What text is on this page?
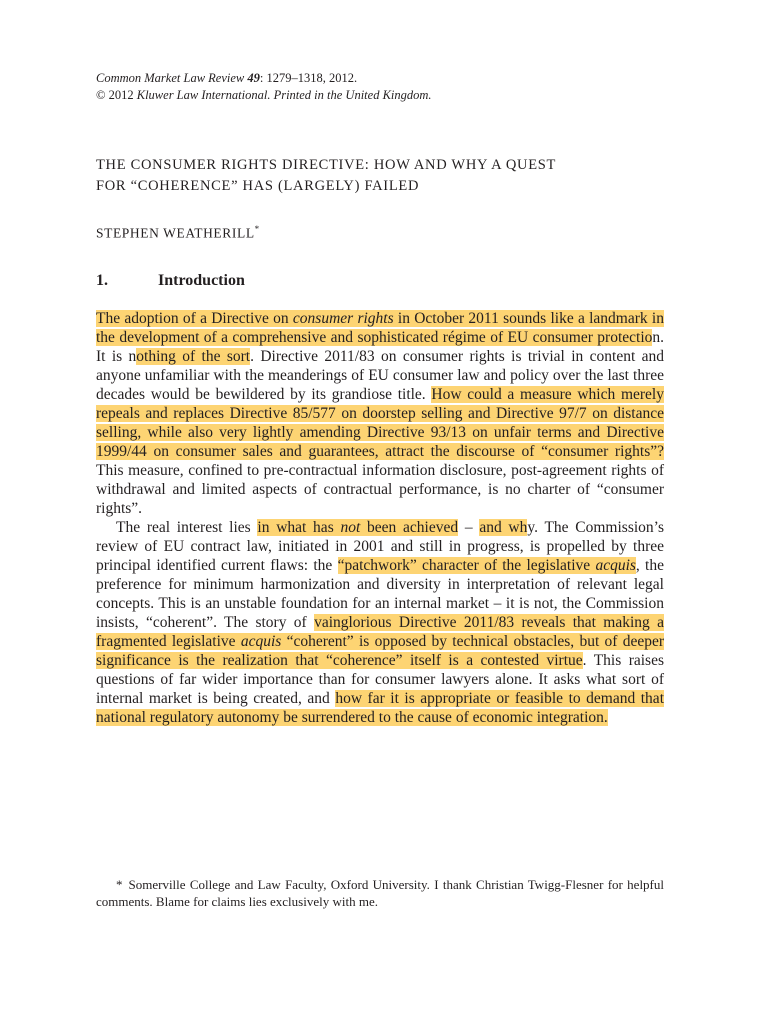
Common Market Law Review 49: 1279–1318, 2012.
© 2012 Kluwer Law International. Printed in the United Kingdom.
THE CONSUMER RIGHTS DIRECTIVE: HOW AND WHY A QUEST
FOR “COHERENCE” HAS (LARGELY) FAILED
STEPHEN WEATHERILL*
1.	Introduction

The adoption of a Directive on consumer rights in October 2011 sounds like a landmark in the development of a comprehensive and sophisticated régime of EU consumer protection. It is nothing of the sort. Directive 2011/83 on consumer rights is trivial in content and anyone unfamiliar with the meanderings of EU consumer law and policy over the last three decades would be bewildered by its grandiose title. How could a measure which merely repeals and replaces Directive 85/577 on doorstep selling and Directive 97/7 on distance selling, while also very lightly amending Directive 93/13 on unfair terms and Directive 1999/44 on consumer sales and guarantees, attract the discourse of “consumer rights”? This measure, confined to pre-contractual information disclosure, post-agreement rights of withdrawal and limited aspects of contractual performance, is no charter of “consumer rights”.

The real interest lies in what has not been achieved – and why. The Commission’s review of EU contract law, initiated in 2001 and still in progress, is propelled by three principal identified current flaws: the “patchwork” character of the legislative acquis, the preference for minimum harmonization and diversity in interpretation of relevant legal concepts. This is an unstable foundation for an internal market – it is not, the Commission insists, “coherent”. The story of vainglorious Directive 2011/83 reveals that making a fragmented legislative acquis “coherent” is opposed by technical obstacles, but of deeper significance is the realization that “coherence” itself is a contested virtue. This raises questions of far wider importance than for consumer lawyers alone. It asks what sort of internal market is being created, and how far it is appropriate or feasible to demand that national regulatory autonomy be surrendered to the cause of economic integration.

* Somerville College and Law Faculty, Oxford University. I thank Christian Twigg-Flesner for helpful comments. Blame for claims lies exclusively with me.
